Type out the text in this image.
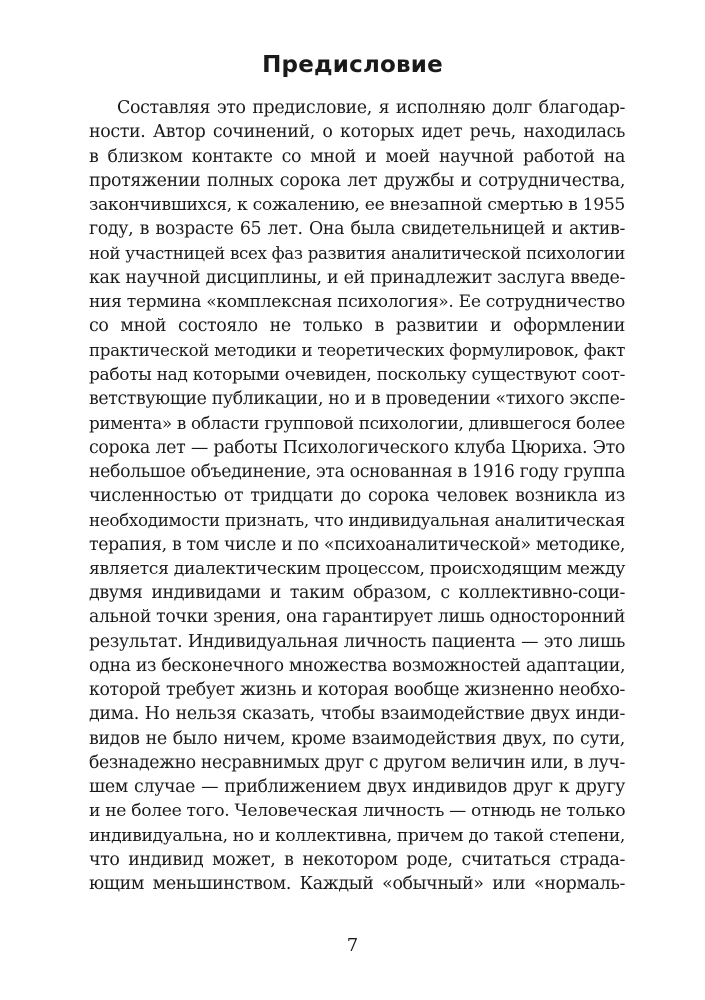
Предисловие
Составляя это предисловие, я исполняю долг благодар-
ности. Автор сочинений, о которых идет речь, находилась
в близком контакте со мной и моей научной работой на
протяжении полных сорока лет дружбы и сотрудничества,
закончившихся, к сожалению, ее внезапной смертью в 1955
году, в возрасте 65 лет. Она была свидетельницей и актив-
ной участницей всех фаз развития аналитической психологии
как научной дисциплины, и ей принадлежит заслуга введе-
ния термина «комплексная психология». Ее сотрудничество
со мной состояло не только в развитии и оформлении
практической методики и теоретических формулировок, факт
работы над которыми очевиден, поскольку существуют соот-
ветствующие публикации, но и в проведении «тихого экспе-
римента» в области групповой психологии, длившегося более
сорока лет — работы Психологического клуба Цюриха. Это
небольшое объединение, эта основанная в 1916 году группа
численностью от тридцати до сорока человек возникла из
необходимости признать, что индивидуальная аналитическая
терапия, в том числе и по «психоаналитической» методике,
является диалектическим процессом, происходящим между
двумя индивидами и таким образом, с коллективно-соци-
альной точки зрения, она гарантирует лишь односторонний
результат. Индивидуальная личность пациента — это лишь
одна из бесконечного множества возможностей адаптации,
которой требует жизнь и которая вообще жизненно необхо-
дима. Но нельзя сказать, чтобы взаимодействие двух инди-
видов не было ничем, кроме взаимодействия двух, по сути,
безнадежно несравнимых друг с другом величин или, в луч-
шем случае — приближением двух индивидов друг к другу
и не более того. Человеческая личность — отнюдь не только
индивидуальна, но и коллективна, причем до такой степени,
что индивид может, в некотором роде, считаться страда-
ющим меньшинством. Каждый «обычный» или «нормаль-
7
